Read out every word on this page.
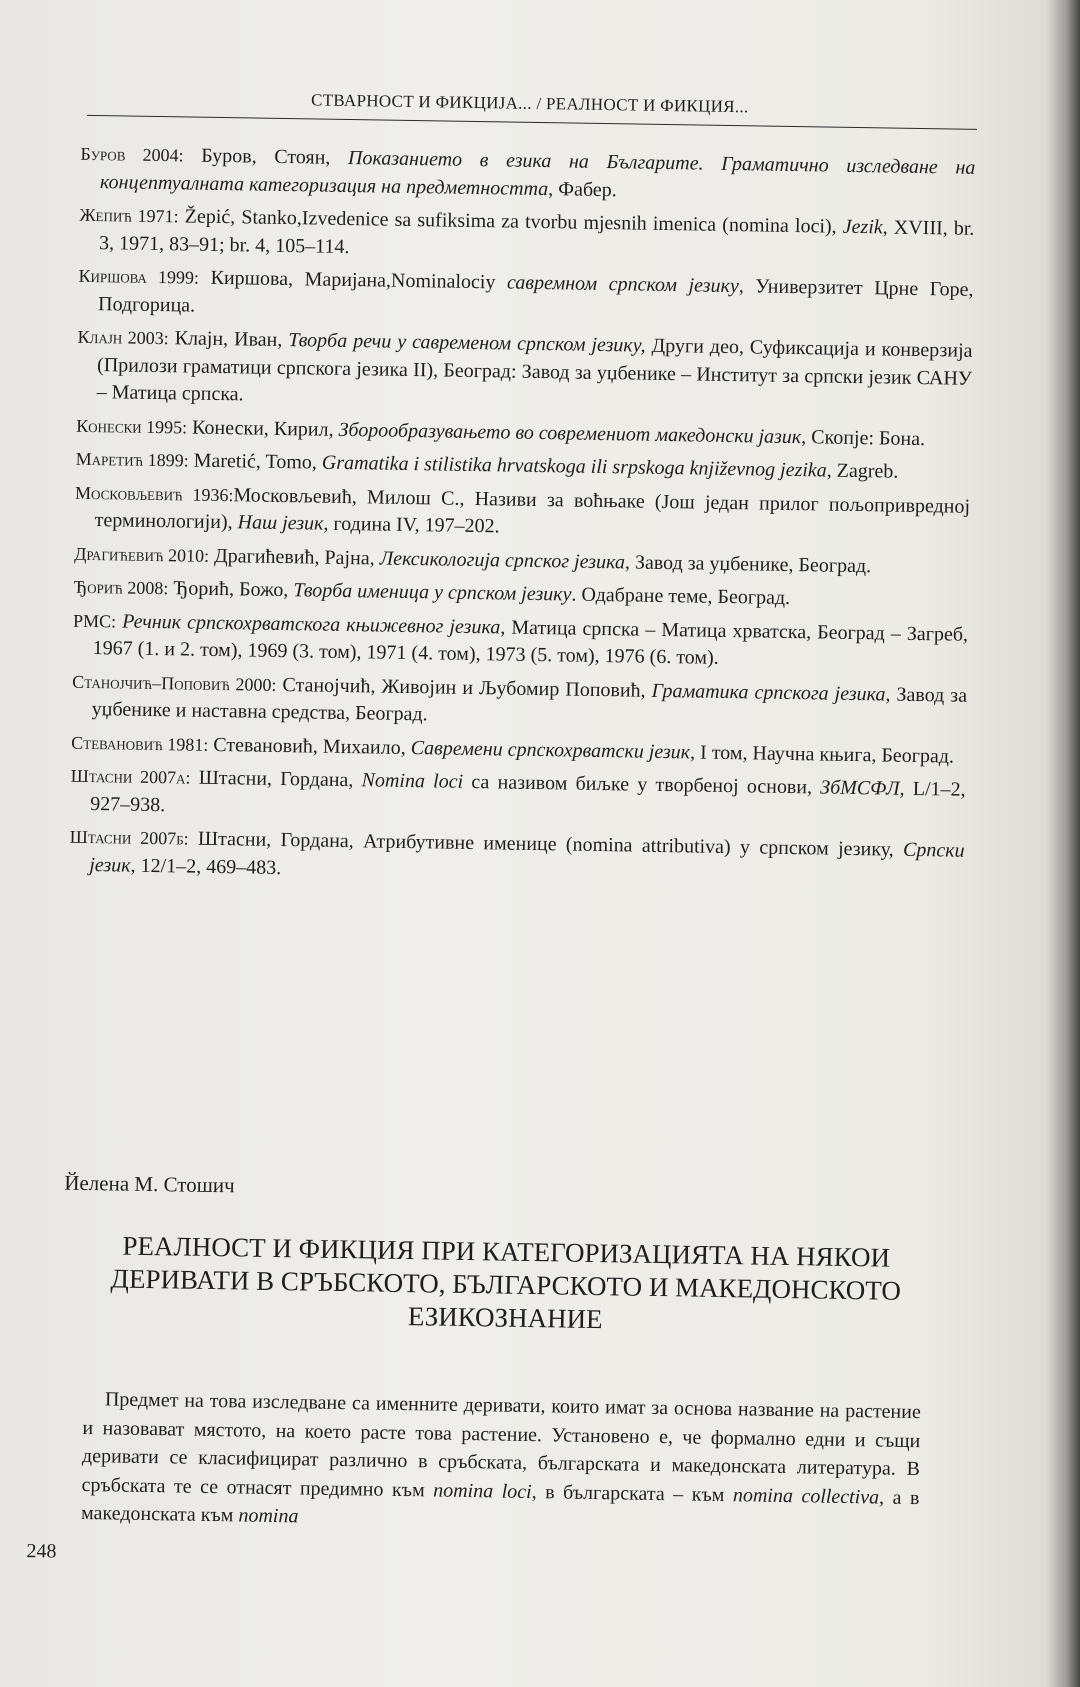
СТВАРНОСТ И ФИКЦИЈА... / РЕАЛНОСТ И ФИКЦИЯ...
Буров 2004: Буров, Стоян, Показанието в езика на Българите. Граматично изследване на концептуалната категоризация на предметността, Фабер.
Жепић 1971: Žepić, Stanko,Izvedenice sa sufiksima za tvorbu mjesnih imenica (nomina loci), Jezik, XVIII, br. 3, 1971, 83–91; br. 4, 105–114.
Киршова 1999: Киршова, Маријана,Nominalociу савремном српском језику, Универзитет Црне Горе, Подгорица.
Клајн 2003: Клајн, Иван, Творба речи у савременом српском језику, Други део, Суфиксација и конверзија (Прилози граматици српскога језика II), Београд: Завод за уџбенике – Институт за српски језик САНУ – Матица српска.
Конески 1995: Конески, Кирил, Зборообразувањето во современиот македонски јазик, Скопје: Бона.
Маретић 1899: Maretić, Tomo, Gramatika i stilistika hrvatskoga ili srpskoga književnog jezika, Zagreb.
Московљевић 1936:Московљевић, Милош С., Називи за воћњаке (Још један прилог пољопривредној терминологији), Наш језик, година IV, 197–202.
Драгићевић 2010: Драгићевић, Рајна, Лексикологија српског језика, Завод за уџбенике, Београд.
Ђорић 2008: Ђорић, Божо, Творба именица у српском језику. Одабране теме, Београд.
РМС: Речник српскохрватскога књижевног језика, Матица српска – Матица хрватска, Београд – Загреб, 1967 (1. и 2. том), 1969 (3. том), 1971 (4. том), 1973 (5. том), 1976 (6. том).
Станојчић–Поповић 2000: Станојчић, Живојин и Љубомир Поповић, Граматика српскога језика, Завод за уџбенике и наставна средства, Београд.
Стевановић 1981: Стевановић, Михаило, Савремени српскохрватски језик, I том, Научна књига, Београд.
Штасни 2007а: Штасни, Гордана, Nomina loci са називом биљке у творбеној основи, ЗбМСФЛ, L/1–2, 927–938.
Штасни 2007б: Штасни, Гордана, Атрибутивне именице (nomina attributiva) у српском језику, Српски језик, 12/1–2, 469–483.
Йелена М. Стошич
РЕАЛНОСТ И ФИКЦИЯ ПРИ КАТЕГОРИЗАЦИЯТА НА НЯКОИ
ДЕРИВАТИ В СРЪБСКОТО, БЪЛГАРСКОТО И МАКЕДОНСКОТО
ЕЗИКОЗНАНИЕ
Предмет на това изследване са именните деривати, които имат за основа название на растение и назовават мястото, на което расте това растение. Установено е, че формално едни и същи деривати се класифицират различно в сръбската, българската и македонската литература. В сръбската те се отнасят предимно към nomina loci, в българската – към nomina collectiva, а в македонската към nomina
248
